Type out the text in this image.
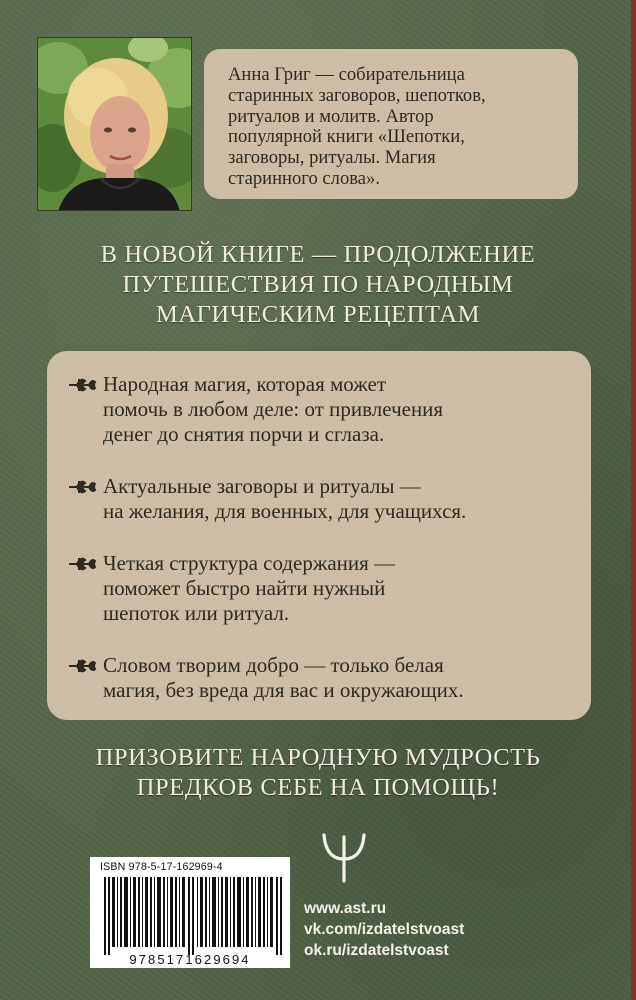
Анна Григ — собирательница

старинных заговоров, шепотков,

ритуалов и молитв. Автор

популярной книги «Шепотки,

заговоры, ритуалы. Магия

старинного слова».

В НОВОЙ КНИГЕ — ПРОДОЛЖЕНИЕ
ПУТЕШЕСТВИЯ ПО НАРОДНЫМ
МАГИЧЕСКИМ РЕЦЕПТАМ
Народная магия, которая может
помочь в любом деле: от привлечения
денег до снятия порчи и сглаза.
Актуальные заговоры и ритуалы —
на желания, для военных, для учащихся.
Четкая структура содержания —
поможет быстро найти нужный
шепоток или ритуал.
Словом творим добро — только белая
магия, без вреда для вас и окружающих.
ПРИЗОВИТЕ НАРОДНУЮ МУДРОСТЬ
ПРЕДКОВ СЕБЕ НА ПОМОЩЬ!
ISBN 978-5-17-162969-4
9785171629694
www.ast.ru
vk.com/izdatelstvoast
ok.ru/izdatelstvoast
